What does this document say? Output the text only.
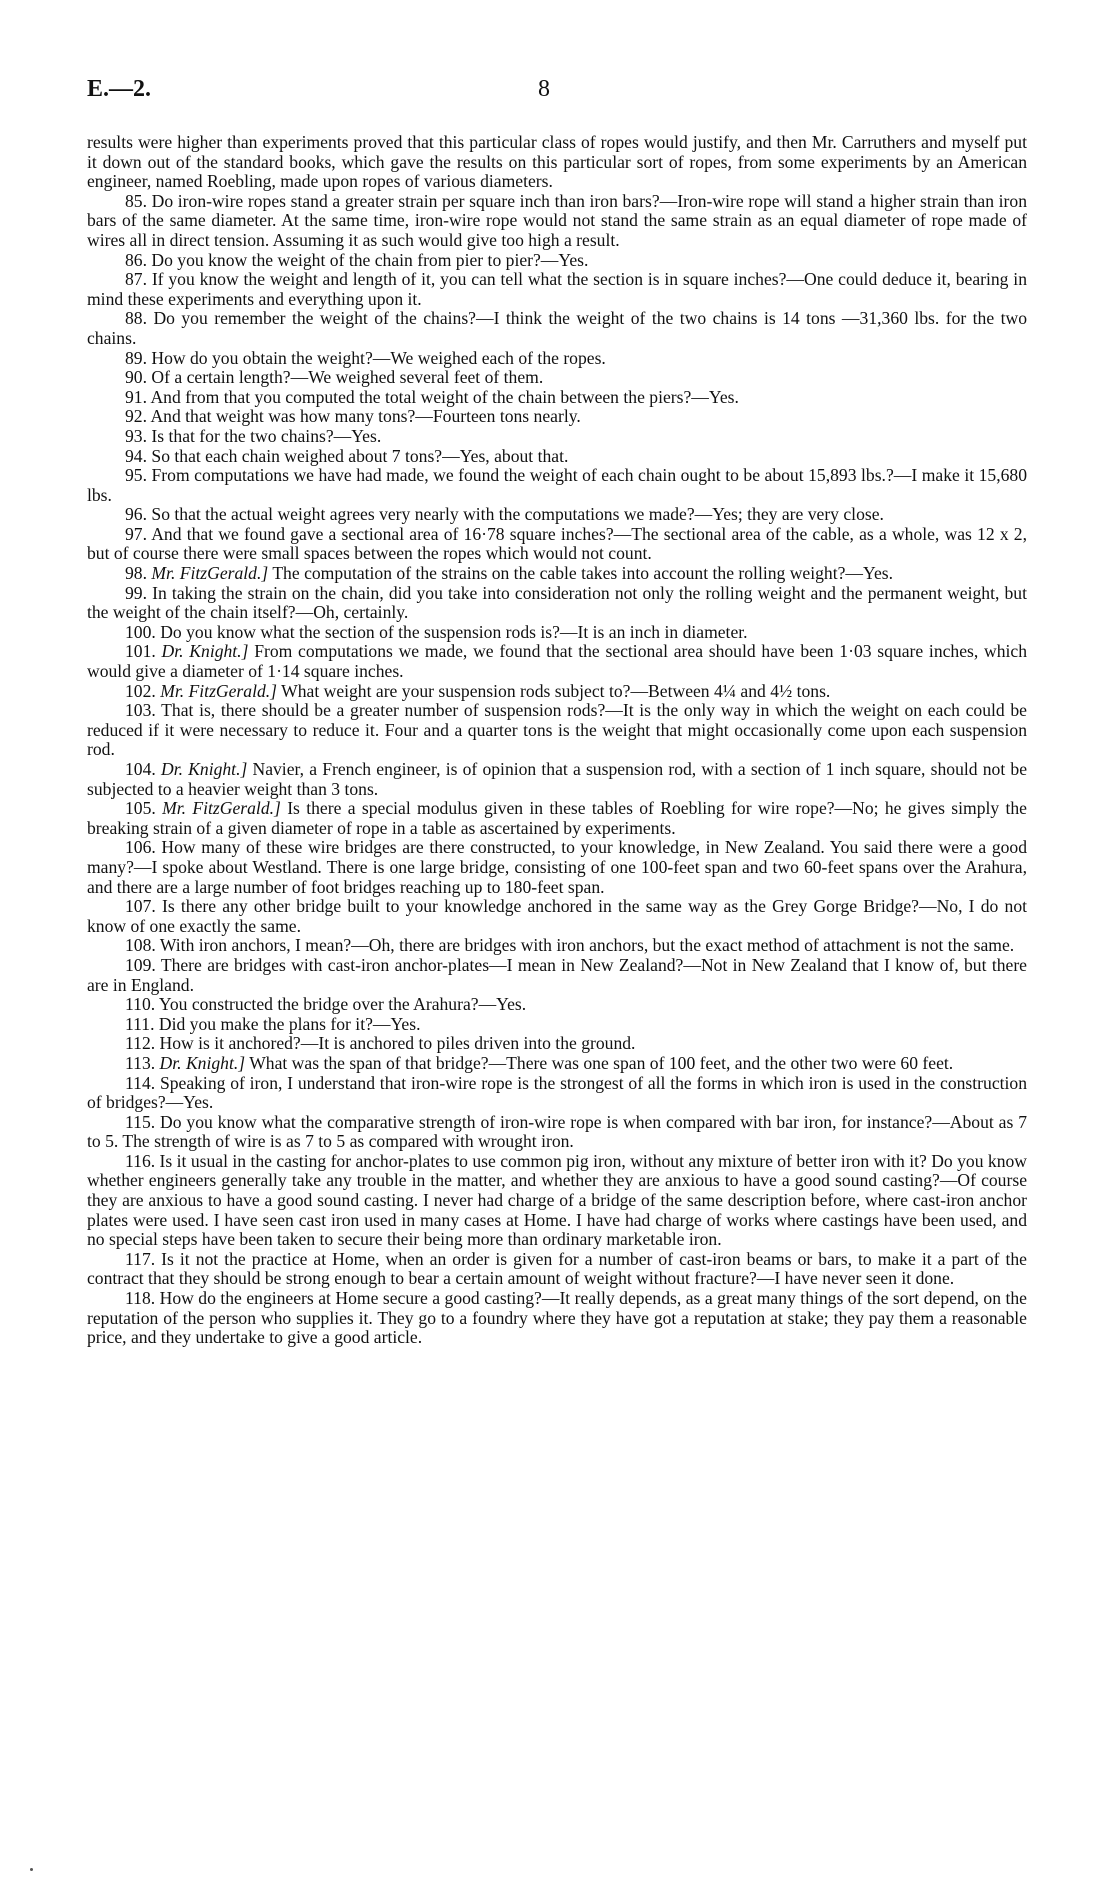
E.—2.	8

results were higher than experiments proved that this particular class of ropes would justify, and then Mr. Carruthers and myself put it down out of the standard books, which gave the results on this particular sort of ropes, from some experiments by an American engineer, named Roebling, made upon ropes of various diameters.

85. Do iron-wire ropes stand a greater strain per square inch than iron bars?—Iron-wire rope will stand a higher strain than iron bars of the same diameter. At the same time, iron-wire rope would not stand the same strain as an equal diameter of rope made of wires all in direct tension. Assuming it as such would give too high a result.

86. Do you know the weight of the chain from pier to pier?—Yes.

87. If you know the weight and length of it, you can tell what the section is in square inches?—One could deduce it, bearing in mind these experiments and everything upon it.

88. Do you remember the weight of the chains?—I think the weight of the two chains is 14 tons —31,360 lbs. for the two chains.

89. How do you obtain the weight?—We weighed each of the ropes.

90. Of a certain length?—We weighed several feet of them.

91. And from that you computed the total weight of the chain between the piers?—Yes.

92. And that weight was how many tons?—Fourteen tons nearly.

93. Is that for the two chains?—Yes.

94. So that each chain weighed about 7 tons?—Yes, about that.

95. From computations we have had made, we found the weight of each chain ought to be about 15,893 lbs.?—I make it 15,680 lbs.

96. So that the actual weight agrees very nearly with the computations we made?—Yes; they are very close.

97. And that we found gave a sectional area of 16·78 square inches?—The sectional area of the cable, as a whole, was 12 x 2, but of course there were small spaces between the ropes which would not count.

98. Mr. FitzGerald.] The computation of the strains on the cable takes into account the rolling weight?—Yes.

99. In taking the strain on the chain, did you take into consideration not only the rolling weight and the permanent weight, but the weight of the chain itself?—Oh, certainly.

100. Do you know what the section of the suspension rods is?—It is an inch in diameter.

101. Dr. Knight.] From computations we made, we found that the sectional area should have been 1·03 square inches, which would give a diameter of 1·14 square inches.

102. Mr. FitzGerald.] What weight are your suspension rods subject to?—Between 4¼ and 4½ tons.

103. That is, there should be a greater number of suspension rods?—It is the only way in which the weight on each could be reduced if it were necessary to reduce it. Four and a quarter tons is the weight that might occasionally come upon each suspension rod.

104. Dr. Knight.] Navier, a French engineer, is of opinion that a suspension rod, with a section of 1 inch square, should not be subjected to a heavier weight than 3 tons.

105. Mr. FitzGerald.] Is there a special modulus given in these tables of Roebling for wire rope?—No; he gives simply the breaking strain of a given diameter of rope in a table as ascertained by experiments.

106. How many of these wire bridges are there constructed, to your knowledge, in New Zealand. You said there were a good many?—I spoke about Westland. There is one large bridge, consisting of one 100-feet span and two 60-feet spans over the Arahura, and there are a large number of foot bridges reaching up to 180-feet span.

107. Is there any other bridge built to your knowledge anchored in the same way as the Grey Gorge Bridge?—No, I do not know of one exactly the same.

108. With iron anchors, I mean?—Oh, there are bridges with iron anchors, but the exact method of attachment is not the same.

109. There are bridges with cast-iron anchor-plates—I mean in New Zealand?—Not in New Zealand that I know of, but there are in England.

110. You constructed the bridge over the Arahura?—Yes.

111. Did you make the plans for it?—Yes.

112. How is it anchored?—It is anchored to piles driven into the ground.

113. Dr. Knight.] What was the span of that bridge?—There was one span of 100 feet, and the other two were 60 feet.

114. Speaking of iron, I understand that iron-wire rope is the strongest of all the forms in which iron is used in the construction of bridges?—Yes.

115. Do you know what the comparative strength of iron-wire rope is when compared with bar iron, for instance?—About as 7 to 5. The strength of wire is as 7 to 5 as compared with wrought iron.

116. Is it usual in the casting for anchor-plates to use common pig iron, without any mixture of better iron with it? Do you know whether engineers generally take any trouble in the matter, and whether they are anxious to have a good sound casting?—Of course they are anxious to have a good sound casting. I never had charge of a bridge of the same description before, where cast-iron anchor plates were used. I have seen cast iron used in many cases at Home. I have had charge of works where castings have been used, and no special steps have been taken to secure their being more than ordinary marketable iron.

117. Is it not the practice at Home, when an order is given for a number of cast-iron beams or bars, to make it a part of the contract that they should be strong enough to bear a certain amount of weight without fracture?—I have never seen it done.

118. How do the engineers at Home secure a good casting?—It really depends, as a great many things of the sort depend, on the reputation of the person who supplies it. They go to a foundry where they have got a reputation at stake; they pay them a reasonable price, and they undertake to give a good article.
